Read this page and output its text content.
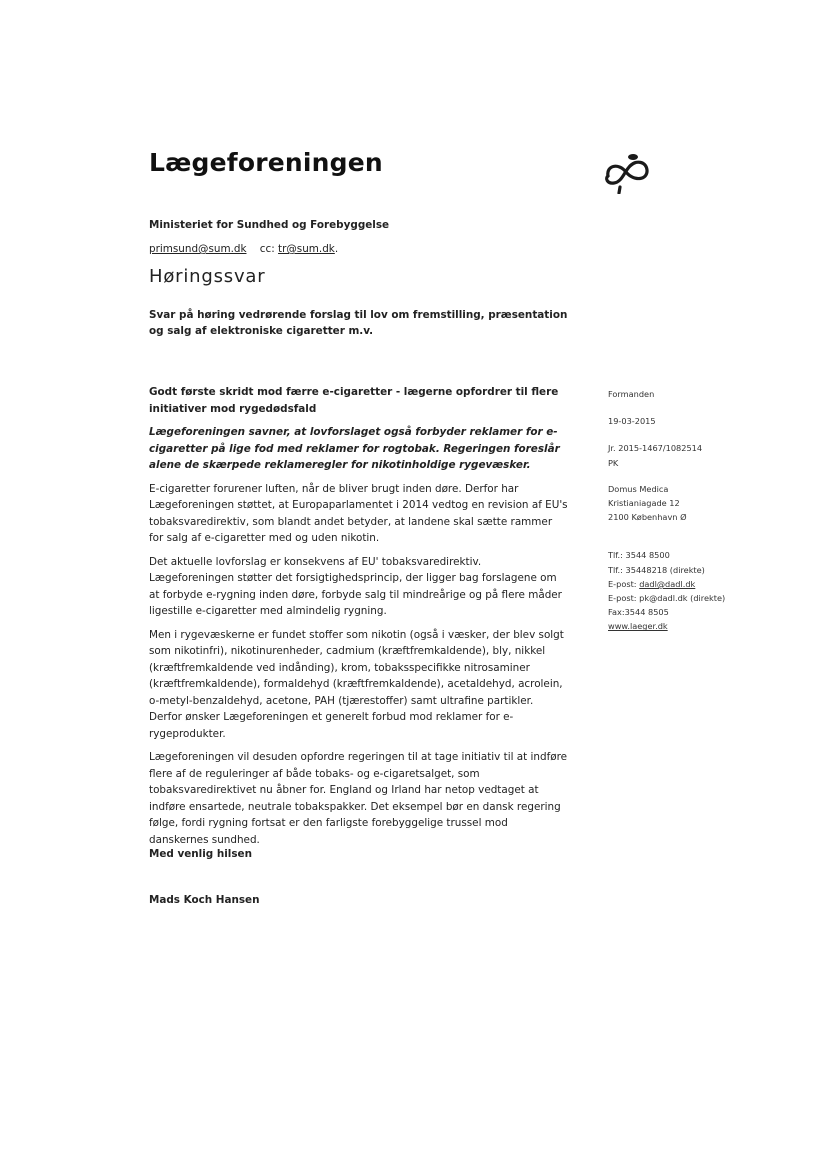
Lægeforeningen
Ministeriet for Sundhed og Forebyggelse
primsund@sum.dk cc: tr@sum.dk.
Høringssvar
Svar på høring vedrørende forslag til lov om fremstilling, præsentation og salg af elektroniske cigaretter m.v.

Godt første skridt mod færre e-cigaretter - lægerne opfordrer til flere initiativer mod rygedødsfald

Lægeforeningen savner, at lovforslaget også forbyder reklamer for e-cigaretter på lige fod med reklamer for rogtobak. Regeringen foreslår alene de skærpede reklameregler for nikotinholdige rygevæsker.

E-cigaretter forurener luften, når de bliver brugt inden døre. Derfor har Lægeforeningen støttet, at Europaparlamentet i 2014 vedtog en revision af EU's tobaksvaredirektiv, som blandt andet betyder, at landene skal sætte rammer for salg af e-cigaretter med og uden nikotin.

Det aktuelle lovforslag er konsekvens af EU' tobaksvaredirektiv. Lægeforeningen støtter det forsigtighedsprincip, der ligger bag forslagene om at forbyde e-rygning inden døre, forbyde salg til mindreårige og på flere måder ligestille e-cigaretter med almindelig rygning.

Men i rygevæskerne er fundet stoffer som nikotin (også i væsker, der blev solgt som nikotinfri), nikotinurenheder, cadmium (kræftfremkaldende), bly, nikkel (kræftfremkaldende ved indånding), krom, tobaksspecifikke nitrosaminer (kræftfremkaldende), formaldehyd (kræftfremkaldende), acetaldehyd, acrolein, o-metyl-benzaldehyd, acetone, PAH (tjærestoffer) samt ultrafine partikler. Derfor ønsker Lægeforeningen et generelt forbud mod reklamer for e-rygeprodukter.

Lægeforeningen vil desuden opfordre regeringen til at tage initiativ til at indføre flere af de reguleringer af både tobaks- og e-cigaretsalget, som tobaksvaredirektivet nu åbner for. England og Irland har netop vedtaget at indføre ensartede, neutrale tobakspakker. Det eksempel bør en dansk regering følge, fordi rygning fortsat er den farligste forebyggelige trussel mod danskernes sundhed.

Med venlig hilsen
Mads Koch Hansen
Formanden
19-03-2015
Jr. 2015-1467/1082514
PK
Domus Medica
Kristianiagade 12
2100 København Ø
Tlf.: 3544 8500
Tlf.: 35448218 (direkte)
E-post: dadl@dadl.dk
E-post: pk@dadl.dk (direkte)
Fax:3544 8505
www.laeger.dk
